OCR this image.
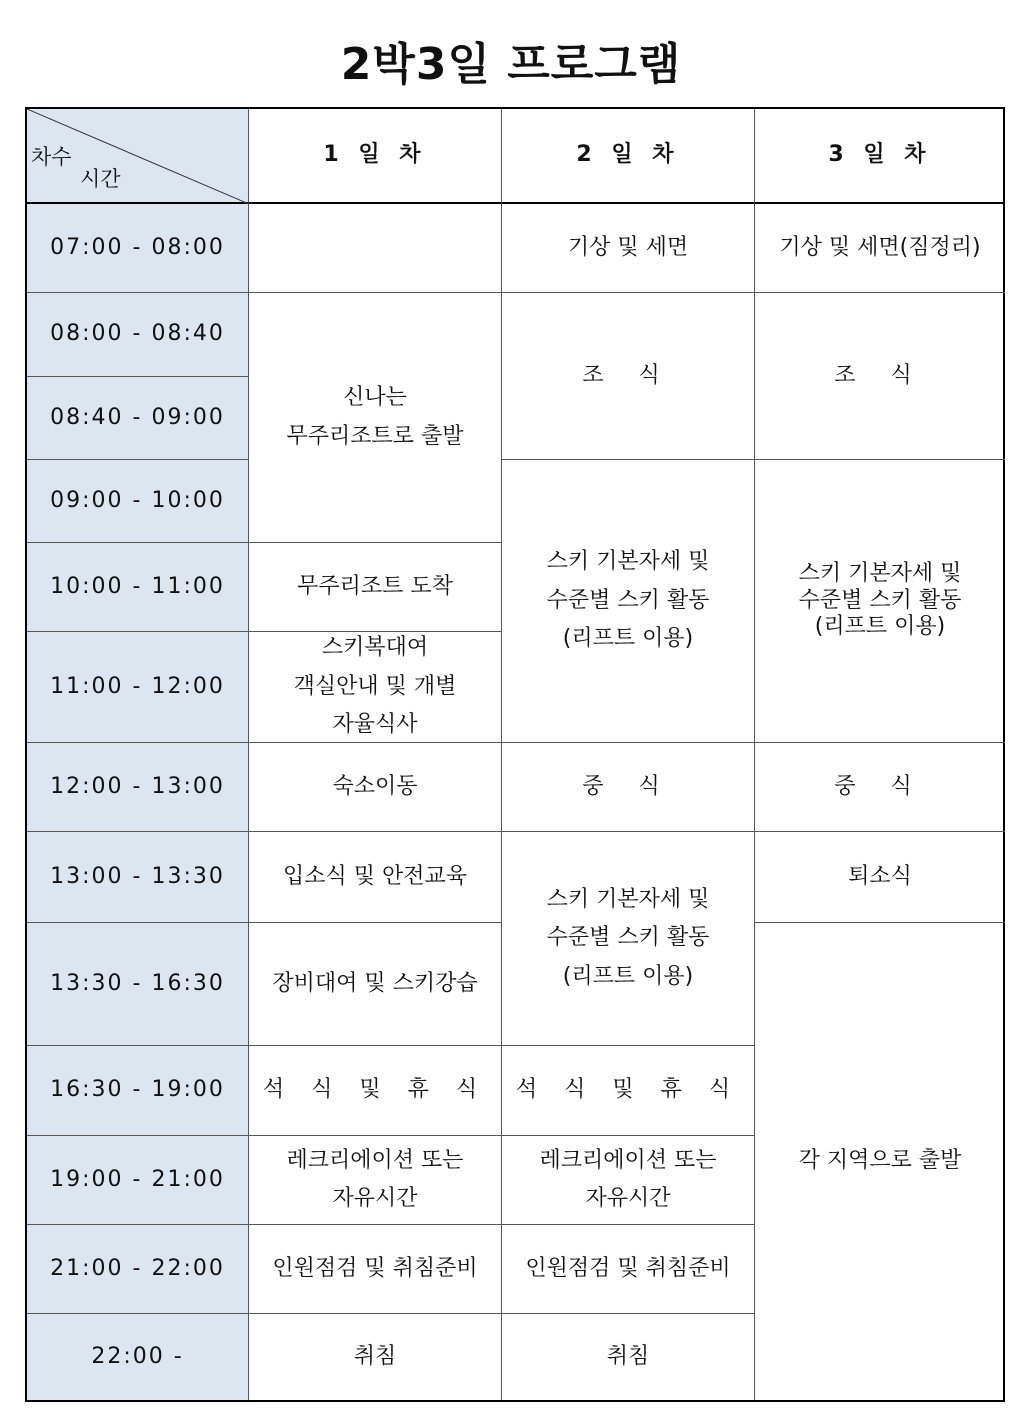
2박3일 프로그램
차수
시간
1 일 차	2 일 차	3 일 차
07:00 - 08:00
08:00 - 08:40
08:40 - 09:00
09:00 - 10:00
10:00 - 11:00
11:00 - 12:00
12:00 - 13:00
13:00 - 13:30
13:30 - 16:30
16:30 - 19:00
19:00 - 21:00
21:00 - 22:00
22:00 -
신나는
무주리조트로 출발
무주리조트 도착
스키복대여
객실안내 및 개별
자율식사
숙소이동
입소식 및 안전교육
장비대여 및 스키강습
석 식 및 휴 식
레크리에이션 또는
자유시간
인원점검 및 취침준비
취침
기상 및 세면
조 식
스키 기본자세 및
수준별 스키 활동
(리프트 이용)
중 식
스키 기본자세 및
수준별 스키 활동
(리프트 이용)
석 식 및 휴 식
레크리에이션 또는
자유시간
인원점검 및 취침준비
취침
기상 및 세면(짐정리)
조 식
스키 기본자세 및
수준별 스키 활동
(리프트 이용)
중 식
퇴소식
각 지역으로 출발
